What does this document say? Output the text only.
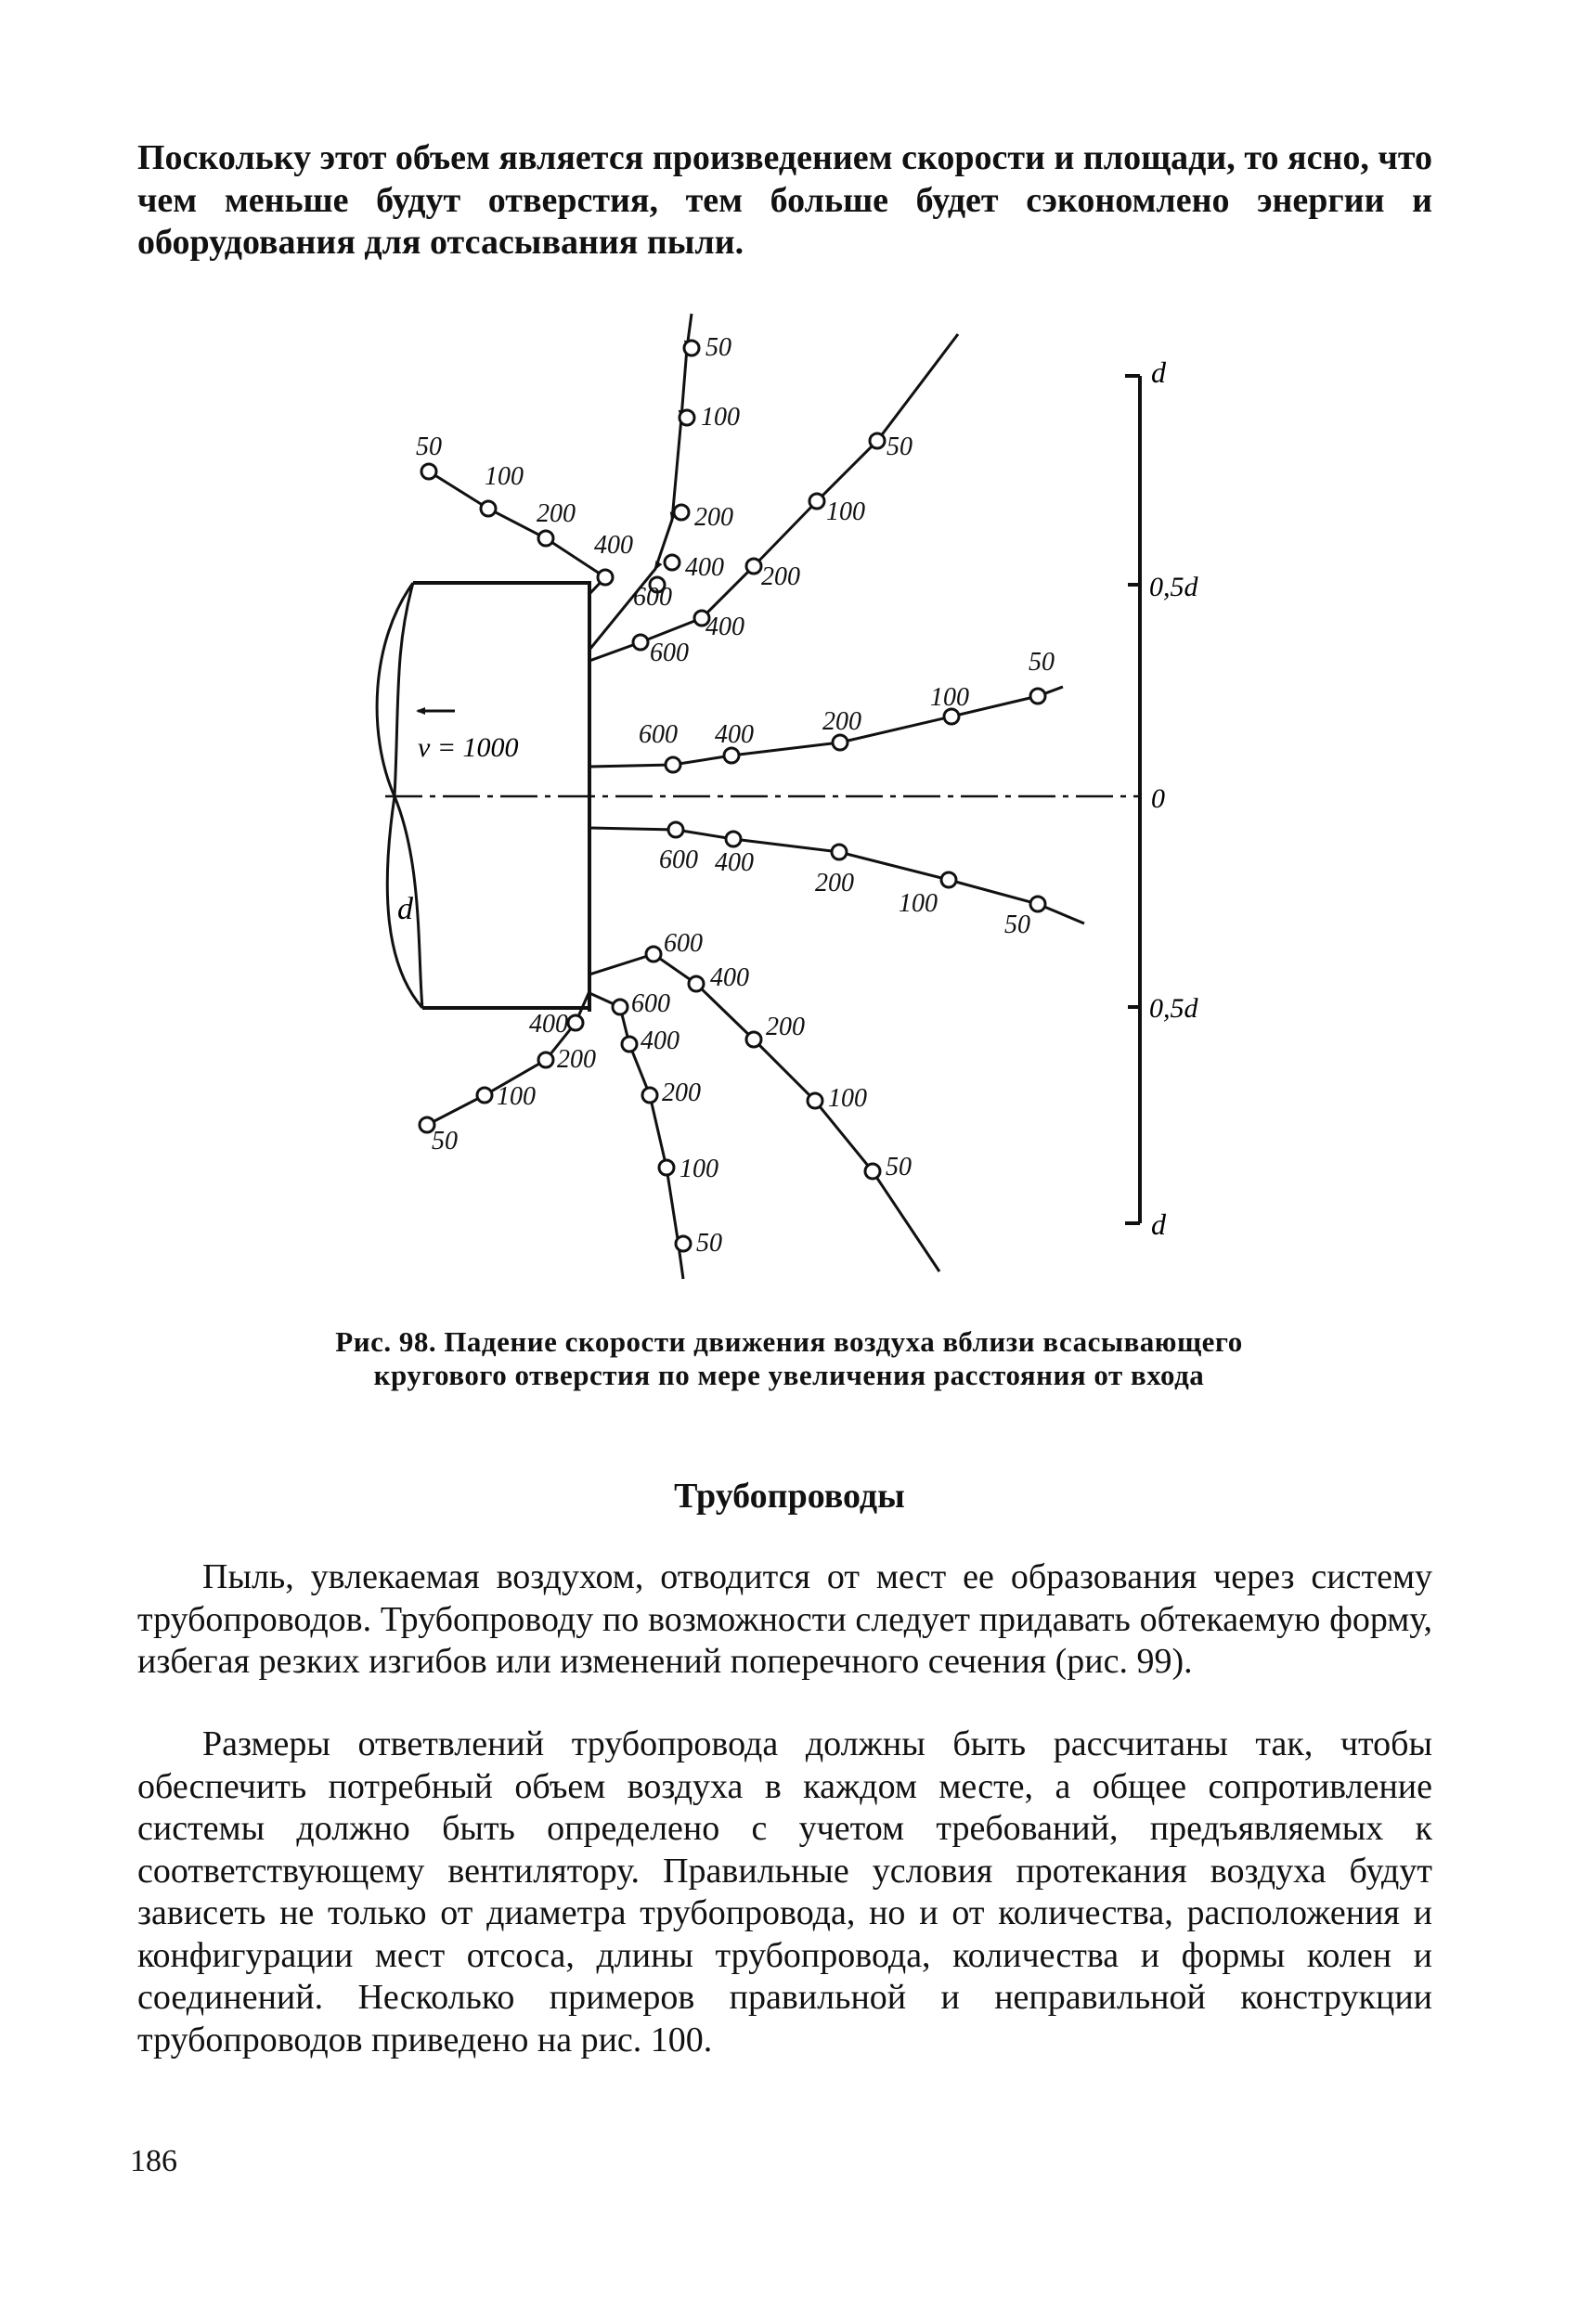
Поскольку этот объем является произведением скорости и площади, то ясно, что чем меньше будут отверстия, тем больше будет сэкономлено энергии и оборудования для отсасывания пыли.
v = 1000
d
d
0,5d
0
0,5d
d
50
100
200
400
600
50
100
200
400
50
100
200
400
600	50
100
200
400
600
600 400
200
100
50
600
400
200
100
50
600
400
200
100
50
400
200
100
50
Рис. 98. Падение скорости движения воздуха вблизи всасывающего кругового отверстия по мере увеличения расстояния от входа
Трубопроводы
Пыль, увлекаемая воздухом, отводится от мест ее образования через систему трубопроводов. Трубопроводу по возможности следует придавать обтекаемую форму, избегая резких изгибов или изменений поперечного сечения (рис. 99).
Размеры ответвлений трубопровода должны быть рассчитаны так, чтобы обеспечить потребный объем воздуха в каждом месте, а общее сопротивление системы должно быть определено с учетом требований, предъявляемых к соответствующему вентилятору. Правильные условия протекания воздуха будут зависеть не только от диаметра трубопровода, но и от количества, расположения и конфигурации мест отсоса, длины трубопровода, количества и формы колен и соединений. Несколько примеров правильной и неправильной конструкции трубопроводов приведено на рис. 100.
186
